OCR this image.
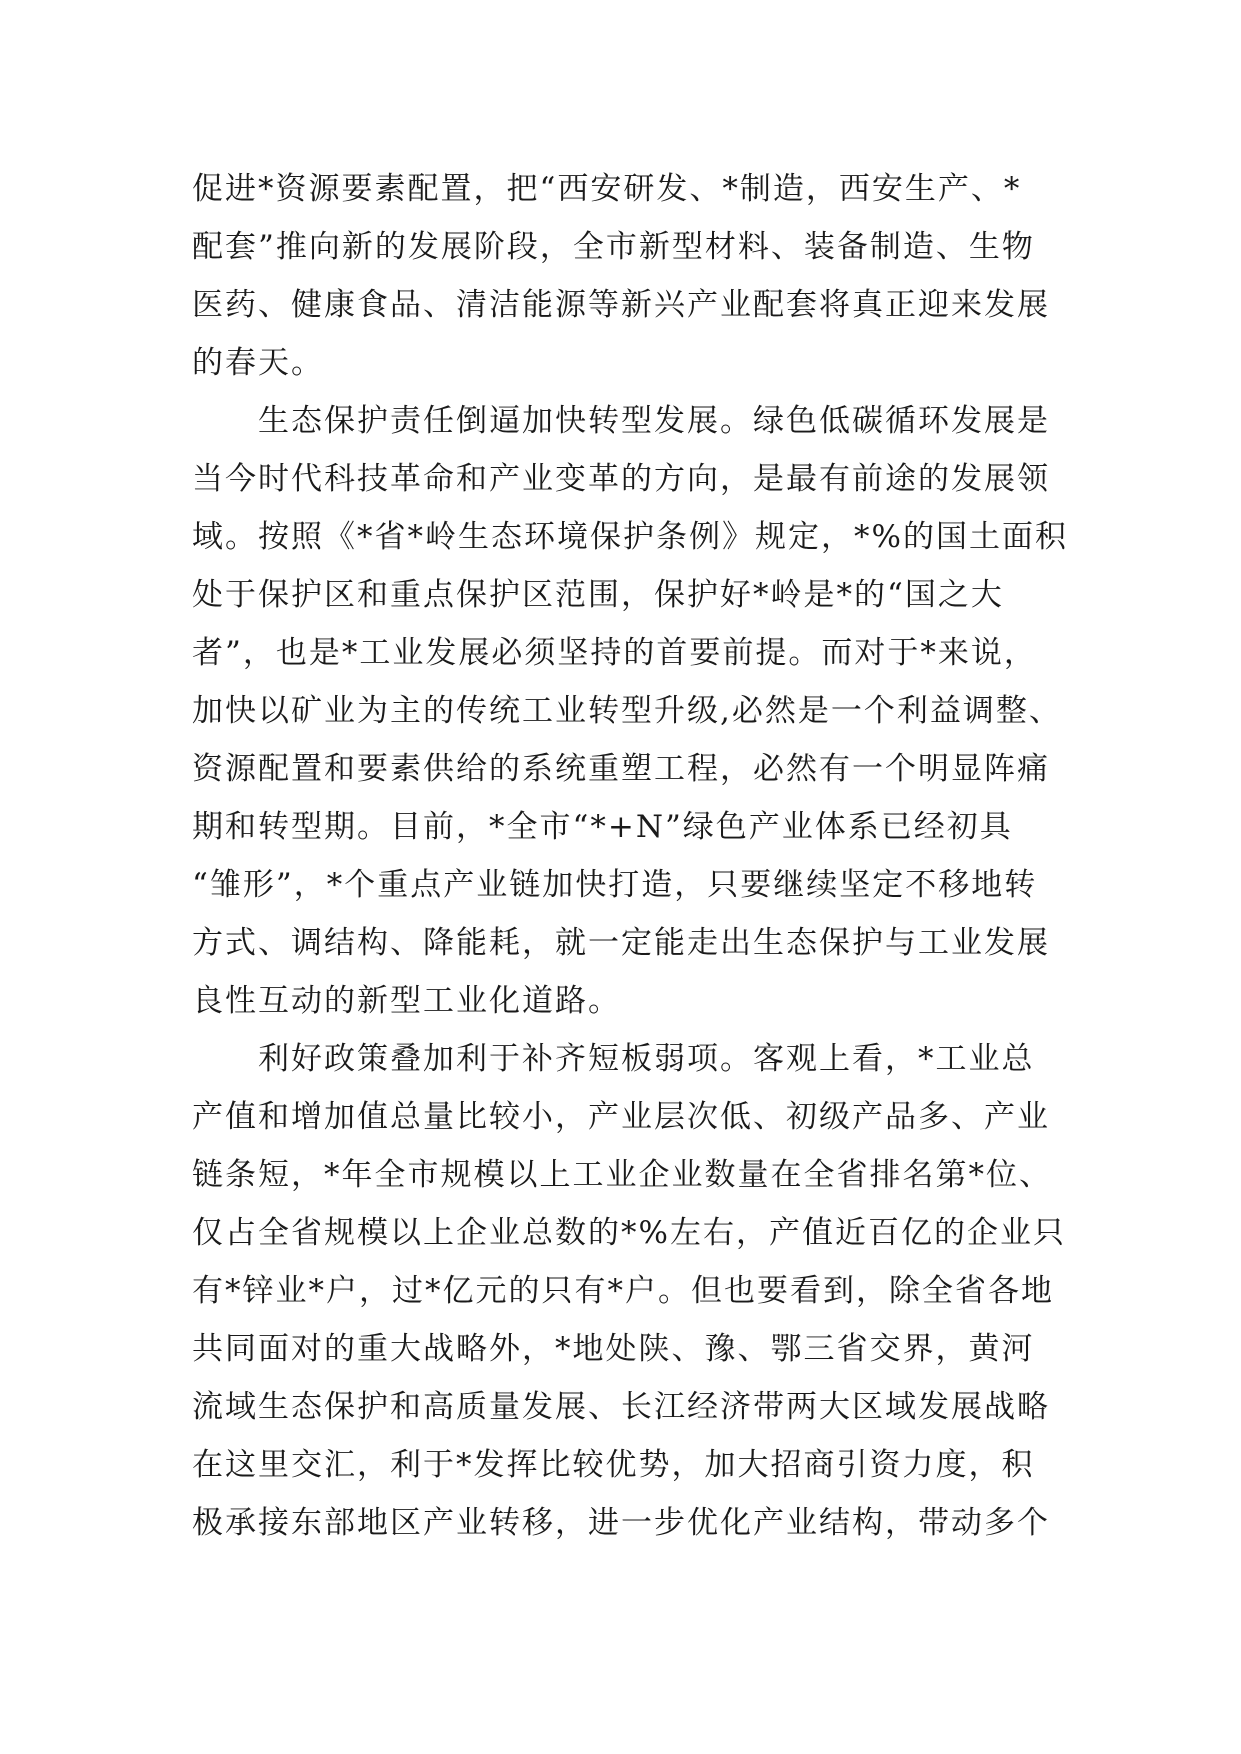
促进*资源要素配置，把“西安研发、*制造，西安生产、*
配套”推向新的发展阶段，全市新型材料、装备制造、生物
医药、健康食品、清洁能源等新兴产业配套将真正迎来发展
的春天。
生态保护责任倒逼加快转型发展。绿色低碳循环发展是
当今时代科技革命和产业变革的方向，是最有前途的发展领
域。按照《*省*岭生态环境保护条例》规定，*%的国土面积
处于保护区和重点保护区范围，保护好*岭是*的“国之大
者”，也是*工业发展必须坚持的首要前提。而对于*来说，
加快以矿业为主的传统工业转型升级,必然是一个利益调整、
资源配置和要素供给的系统重塑工程，必然有一个明显阵痛
期和转型期。目前，*全市“*+N”绿色产业体系已经初具
“雏形”，*个重点产业链加快打造，只要继续坚定不移地转
方式、调结构、降能耗，就一定能走出生态保护与工业发展
良性互动的新型工业化道路。
利好政策叠加利于补齐短板弱项。客观上看，*工业总
产值和增加值总量比较小，产业层次低、初级产品多、产业
链条短，*年全市规模以上工业企业数量在全省排名第*位、
仅占全省规模以上企业总数的*%左右，产值近百亿的企业只
有*锌业*户，过*亿元的只有*户。但也要看到，除全省各地
共同面对的重大战略外，*地处陕、豫、鄂三省交界，黄河
流域生态保护和高质量发展、长江经济带两大区域发展战略
在这里交汇，利于*发挥比较优势，加大招商引资力度，积
极承接东部地区产业转移，进一步优化产业结构，带动多个
